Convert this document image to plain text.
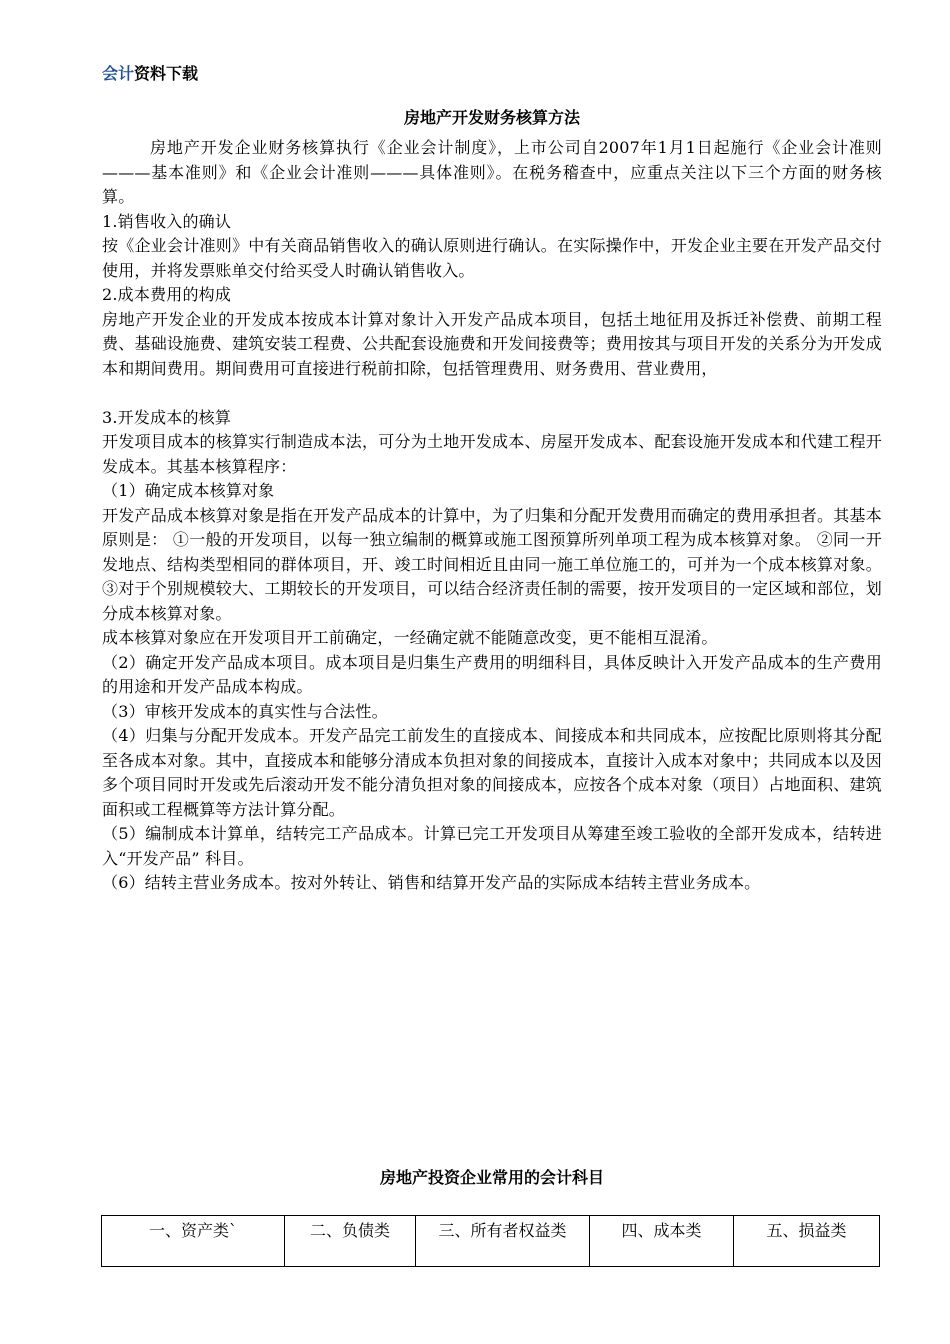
会计资料下载
房地产开发财务核算方法

房地产开发企业财务核算执行《企业会计制度》，上市公司自2007年1月1日起施行《企业会计准则———基本准则》和《企业会计准则———具体准则》。在税务稽查中，应重点关注以下三个方面的财务核算。

1.销售收入的确认

按《企业会计准则》中有关商品销售收入的确认原则进行确认。在实际操作中，开发企业主要在开发产品交付使用，并将发票账单交付给买受人时确认销售收入。

2.成本费用的构成

房地产开发企业的开发成本按成本计算对象计入开发产品成本项目，包括土地征用及拆迁补偿费、前期工程费、基础设施费、建筑安装工程费、公共配套设施费和开发间接费等；费用按其与项目开发的关系分为开发成本和期间费用。期间费用可直接进行税前扣除，包括管理费用、财务费用、营业费用，

3.开发成本的核算

开发项目成本的核算实行制造成本法，可分为土地开发成本、房屋开发成本、配套设施开发成本和代建工程开发成本。其基本核算程序：

（1）确定成本核算对象

开发产品成本核算对象是指在开发产品成本的计算中，为了归集和分配开发费用而确定的费用承担者。其基本原则是： ①一般的开发项目，以每一独立编制的概算或施工图预算所列单项工程为成本核算对象。 ②同一开发地点、结构类型相同的群体项目，开、竣工时间相近且由同一施工单位施工的，可并为一个成本核算对象。 ③对于个别规模较大、工期较长的开发项目，可以结合经济责任制的需要，按开发项目的一定区域和部位，划分成本核算对象。

成本核算对象应在开发项目开工前确定，一经确定就不能随意改变，更不能相互混淆。

（2）确定开发产品成本项目。成本项目是归集生产费用的明细科目，具体反映计入开发产品成本的生产费用的用途和开发产品成本构成。

（3）审核开发成本的真实性与合法性。

（4）归集与分配开发成本。开发产品完工前发生的直接成本、间接成本和共同成本，应按配比原则将其分配至各成本对象。其中，直接成本和能够分清成本负担对象的间接成本，直接计入成本对象中；共同成本以及因多个项目同时开发或先后滚动开发不能分清负担对象的间接成本，应按各个成本对象（项目）占地面积、建筑面积或工程概算等方法计算分配。

（5）编制成本计算单，结转完工产品成本。计算已完工开发项目从筹建至竣工验收的全部开发成本，结转进入“开发产品” 科目。

（6）结转主营业务成本。按对外转让、销售和结算开发产品的实际成本结转主营业务成本。

房地产投资企业常用的会计科目
一、资产类`	二、负债类	三、所有者权益类	四、成本类	五、损益类
